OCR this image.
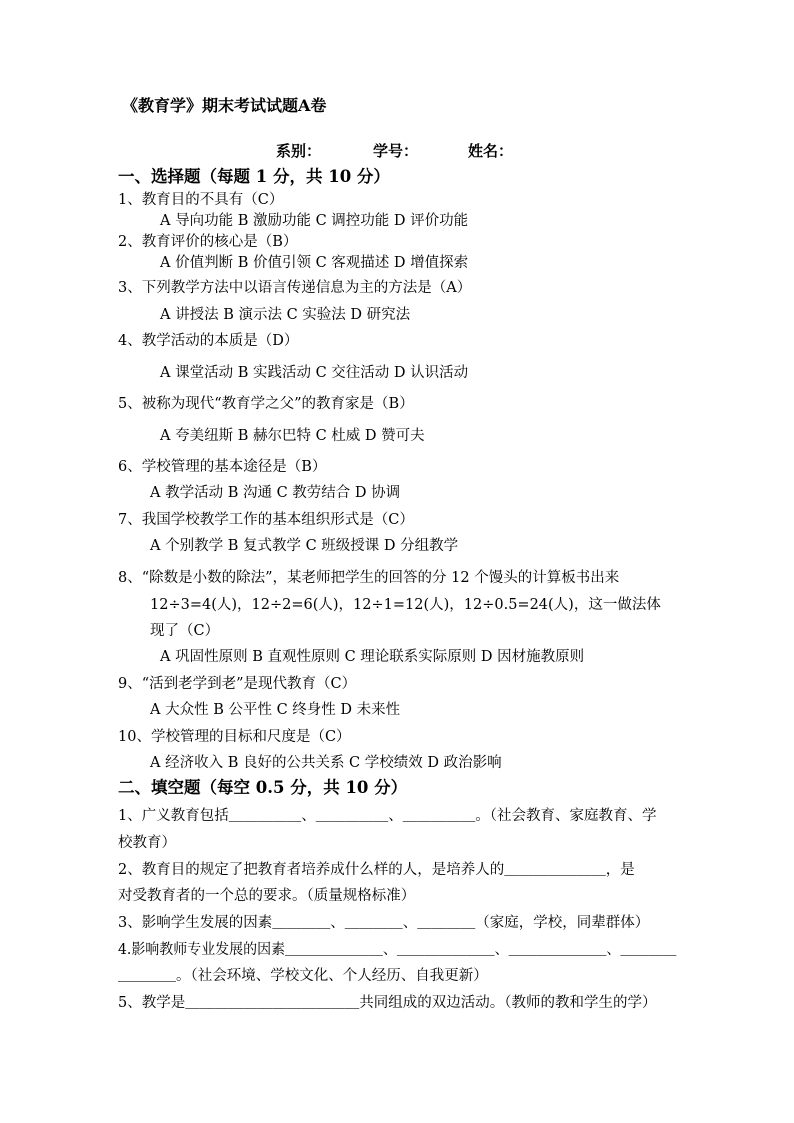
《教育学》期末考试试题A卷
系别：	学号：	姓名：
一、选择题（每题 1 分，共 10 分）
1、教育目的不具有（C）
A 导向功能 B 激励功能 C 调控功能 D 评价功能
2、教育评价的核心是（B）
A 价值判断 B 价值引领 C 客观描述 D 增值探索
3、下列教学方法中以语言传递信息为主的方法是（A）
A 讲授法 B 演示法 C 实验法 D 研究法
4、教学活动的本质是（D）
A 课堂活动 B 实践活动 C 交往活动 D 认识活动
5、被称为现代“教育学之父”的教育家是（B）
A 夸美纽斯 B 赫尔巴特 C 杜威 D 赞可夫
6、学校管理的基本途径是（B）
A 教学活动 B 沟通 C 教劳结合 D 协调
7、我国学校教学工作的基本组织形式是（C）
A 个别教学 B 复式教学 C 班级授课 D 分组教学
8、“除数是小数的除法”，某老师把学生的回答的分 12 个馒头的计算板书出来
12÷3=4(人)，12÷2=6(人)，12÷1=12(人)，12÷0.5=24(人)，这一做法体
现了（C）
A 巩固性原则 B 直观性原则 C 理论联系实际原则 D 因材施教原则
9、“活到老学到老”是现代教育（C）
A 大众性 B 公平性 C 终身性 D 未来性
10、学校管理的目标和尺度是（C）
A 经济收入 B 良好的公共关系 C 学校绩效 D 政治影响
二、填空题（每空 0.5 分，共 10 分）
1、广义教育包括＿＿＿＿＿、＿＿＿＿＿、＿＿＿＿＿。（社会教育、家庭教育、学
校教育）
2、教育目的规定了把教育者培养成什么样的人，是培养人的＿＿＿＿＿＿＿，是
对受教育者的一个总的要求。（质量规格标准）
3、影响学生发展的因素＿＿＿＿、＿＿＿＿、＿＿＿＿（家庭，学校，同辈群体）
4.影响教师专业发展的因素＿＿＿＿＿＿＿、＿＿＿＿＿＿＿、＿＿＿＿＿＿＿、＿＿＿＿
＿＿＿＿。（社会环境、学校文化、个人经历、自我更新）
5、教学是＿＿＿＿＿＿＿＿＿＿＿＿共同组成的双边活动。（教师的教和学生的学）
